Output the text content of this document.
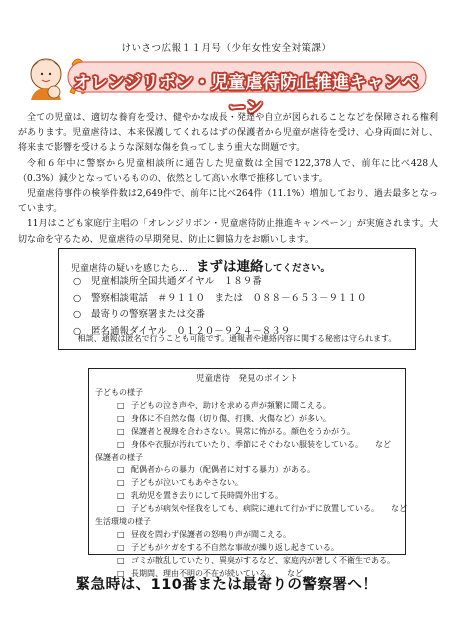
けいさつ広報１１月号（少年女性安全対策課）
オレンジリボン・児童虐待防止推進キャンペーン

全ての児童は、適切な養育を受け、健やかな成長・発達や自立が図られることなどを保障される権利があります。児童虐待は、本来保護してくれるはずの保護者から児童が虐待を受け、心身両面に対し、将来まで影響を受けるような深刻な傷を負ってしまう重大な問題です。

令和６年中に警察から児童相談所に通告した児童数は全国で122,378人で、前年に比べ428人（0.3%）減少となっているものの、依然として高い水準で推移しています。

児童虐待事件の検挙件数は2,649件で、前年に比べ264件（11.1%）増加しており、過去最多となっています。

11月はこども家庭庁主唱の「オレンジリボン・児童虐待防止推進キャンペーン」が実施されます。大切な命を守るため、児童虐待の早期発見、防止に御協力をお願いします。

児童虐待の疑いを感じたら… まずは連絡してください。
○ 児童相談所全国共通ダイヤル　１８９番
○ 警察相談電話　＃９１１０　または　０８８－６５３－９１１０
○ 最寄りの警察署または交番
○ 匿名通報ダイヤル　０１２０－９２４－８３９
相談、通報は匿名で行うことも可能です。通報者や連絡内容に関する秘密は守られます。
児童虐待　発見のポイント
子どもの様子
□ 子どもの泣き声や、助けを求める声が頻繁に聞こえる。
□ 身体に不自然な傷（切り傷、打撲、火傷など）が多い。
□ 保護者と視線を合わさない。異常に怖がる。顔色をうかがう。
□ 身体や衣服が汚れていたり、季節にそぐわない服装をしている。　　など
保護者の様子
□ 配偶者からの暴力（配偶者に対する暴力）がある。
□ 子どもが泣いてもあやさない。
□ 乳幼児を置き去りにして長時間外出する。
□ 子どもが病気や怪我をしても、病院に連れて行かずに放置している。　　など
生活環境の様子
□ 昼夜を問わず保護者の怒鳴り声が聞こえる。
□ 子どもがケガをする不自然な事故が繰り返し起きている。
□ ゴミが散乱していたり、異臭がするなど、家庭内が著しく不衛生である。
□ 長期間、理由不明の不在が続いている。　　など
緊急時は、110番または最寄りの警察署へ！
